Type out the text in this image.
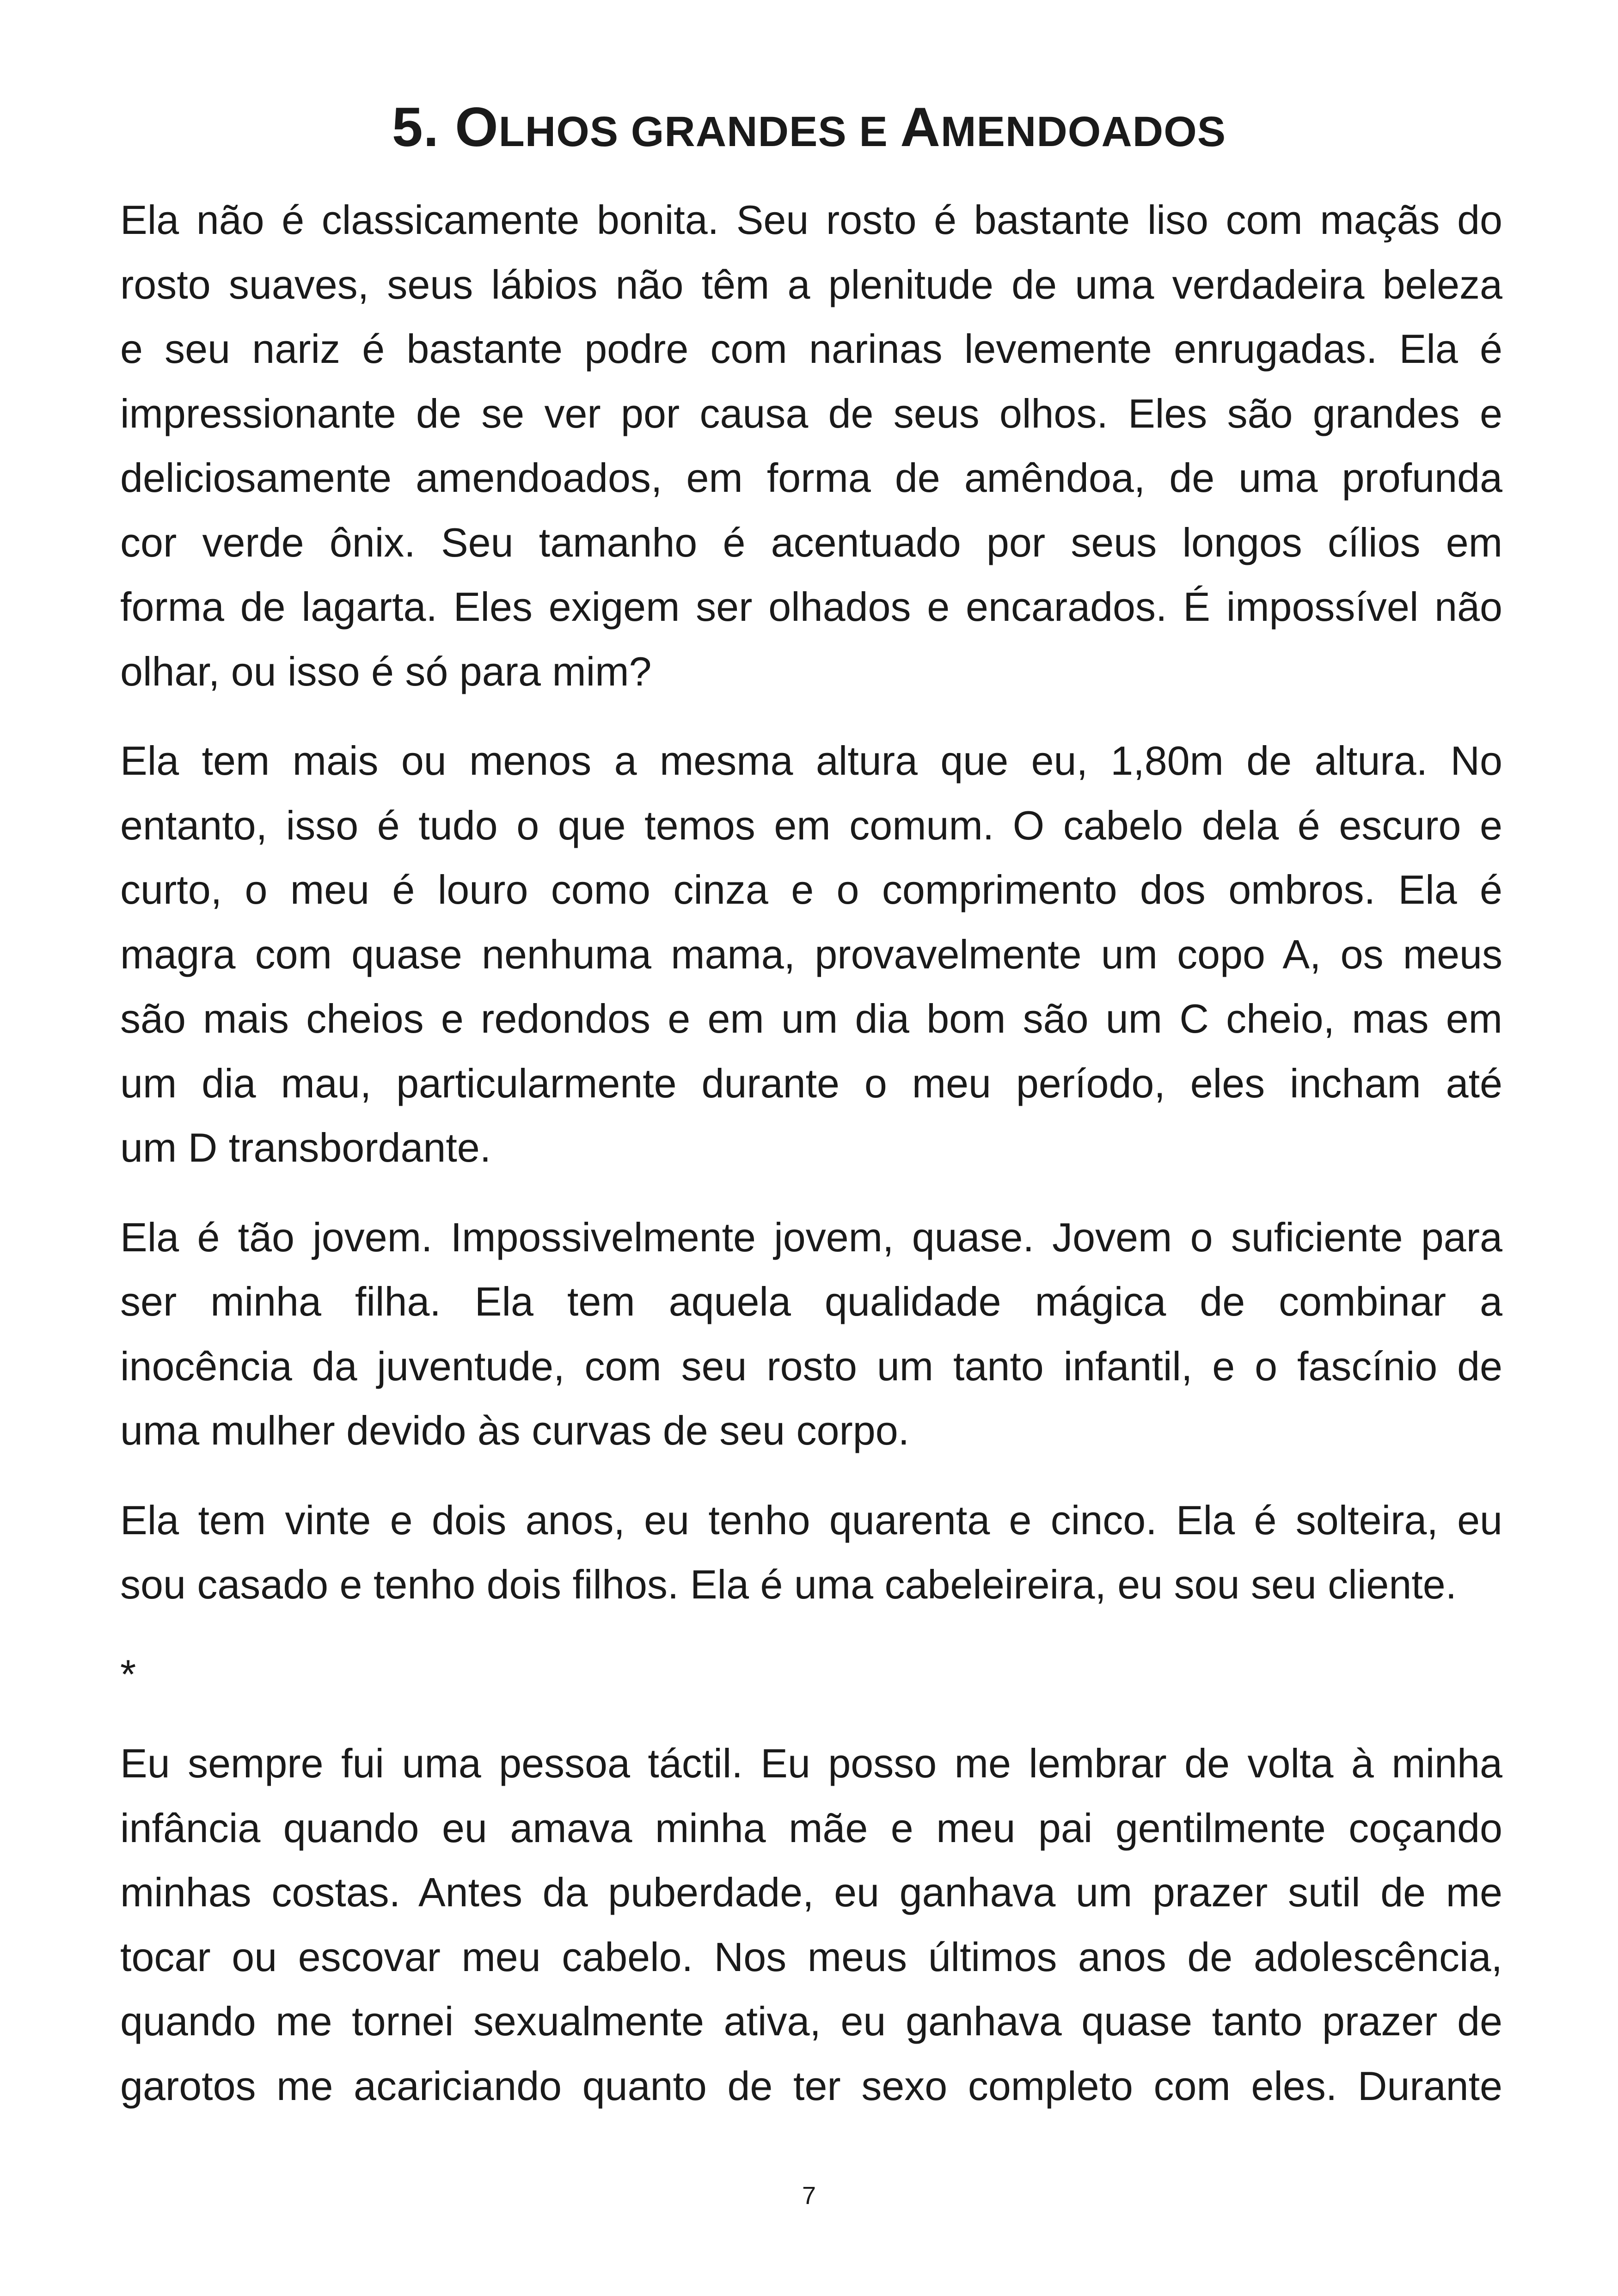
5. OLHOS GRANDES E AMENDOADOS

Ela não é classicamente bonita. Seu rosto é bastante liso com maçãs do
rosto suaves, seus lábios não têm a plenitude de uma verdadeira beleza
e seu nariz é bastante podre com narinas levemente enrugadas. Ela é
impressionante de se ver por causa de seus olhos. Eles são grandes e
deliciosamente amendoados, em forma de amêndoa, de uma profunda
cor verde ônix. Seu tamanho é acentuado por seus longos cílios em
forma de lagarta. Eles exigem ser olhados e encarados. É impossível não
olhar, ou isso é só para mim?

Ela tem mais ou menos a mesma altura que eu, 1,80m de altura. No
entanto, isso é tudo o que temos em comum. O cabelo dela é escuro e
curto, o meu é louro como cinza e o comprimento dos ombros. Ela é
magra com quase nenhuma mama, provavelmente um copo A, os meus
são mais cheios e redondos e em um dia bom são um C cheio, mas em
um dia mau, particularmente durante o meu período, eles incham até
um D transbordante.

Ela é tão jovem. Impossivelmente jovem, quase. Jovem o suficiente para
ser minha filha. Ela tem aquela qualidade mágica de combinar a
inocência da juventude, com seu rosto um tanto infantil, e o fascínio de
uma mulher devido às curvas de seu corpo.

Ela tem vinte e dois anos, eu tenho quarenta e cinco. Ela é solteira, eu
sou casado e tenho dois filhos. Ela é uma cabeleireira, eu sou seu cliente.

*

Eu sempre fui uma pessoa táctil. Eu posso me lembrar de volta à minha
infância quando eu amava minha mãe e meu pai gentilmente coçando
minhas costas. Antes da puberdade, eu ganhava um prazer sutil de me
tocar ou escovar meu cabelo. Nos meus últimos anos de adolescência,
quando me tornei sexualmente ativa, eu ganhava quase tanto prazer de
garotos me acariciando quanto de ter sexo completo com eles. Durante

7
